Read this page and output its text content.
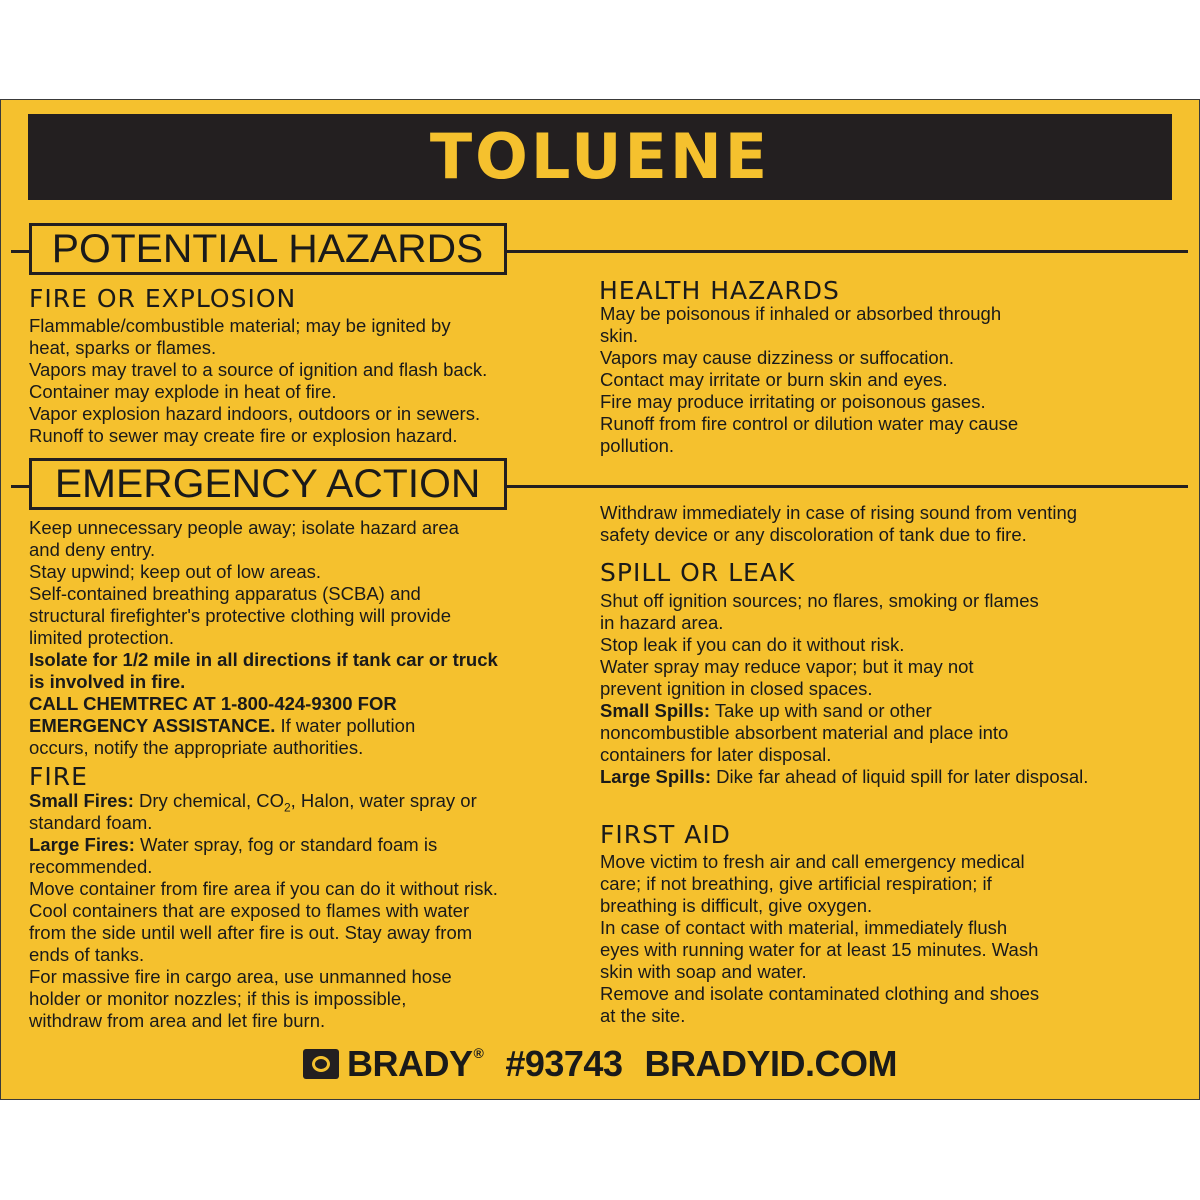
TOLUENE
POTENTIAL HAZARDS
FIRE OR EXPLOSION
Flammable/combustible material; may be ignited by
heat, sparks or flames.
Vapors may travel to a source of ignition and flash back.
Container may explode in heat of fire.
Vapor explosion hazard indoors, outdoors or in sewers.
Runoff to sewer may create fire or explosion hazard.
HEALTH HAZARDS
May be poisonous if inhaled or absorbed through
skin.
Vapors may cause dizziness or suffocation.
Contact may irritate or burn skin and eyes.
Fire may produce irritating or poisonous gases.
Runoff from fire control or dilution water may cause
pollution.
EMERGENCY ACTION
Keep unnecessary people away; isolate hazard area
and deny entry.
Stay upwind; keep out of low areas.
Self-contained breathing apparatus (SCBA) and
structural firefighter's protective clothing will provide
limited protection.
Isolate for 1/2 mile in all directions if tank car or truck
is involved in fire.
CALL CHEMTREC AT 1-800-424-9300 FOR
EMERGENCY ASSISTANCE. If water pollution
occurs, notify the appropriate authorities.
FIRE
Small Fires: Dry chemical, $CO_2$, Halon, water spray or
standard foam.
Large Fires: Water spray, fog or standard foam is
recommended.
Move container from fire area if you can do it without risk.
Cool containers that are exposed to flames with water
from the side until well after fire is out. Stay away from
ends of tanks.
For massive fire in cargo area, use unmanned hose
holder or monitor nozzles; if this is impossible,
withdraw from area and let fire burn.
Withdraw immediately in case of rising sound from venting
safety device or any discoloration of tank due to fire.
SPILL OR LEAK
Shut off ignition sources; no flares, smoking or flames
in hazard area.
Stop leak if you can do it without risk.
Water spray may reduce vapor; but it may not
prevent ignition in closed spaces.
Small Spills: Take up with sand or other
noncombustible absorbent material and place into
containers for later disposal.
Large Spills: Dike far ahead of liquid spill for later disposal.
FIRST AID
Move victim to fresh air and call emergency medical
care; if not breathing, give artificial respiration; if
breathing is difficult, give oxygen.
In case of contact with material, immediately flush
eyes with running water for at least 15 minutes. Wash
skin with soap and water.
Remove and isolate contaminated clothing and shoes
at the site.
BRADY® #93743 BRADYID.COM
